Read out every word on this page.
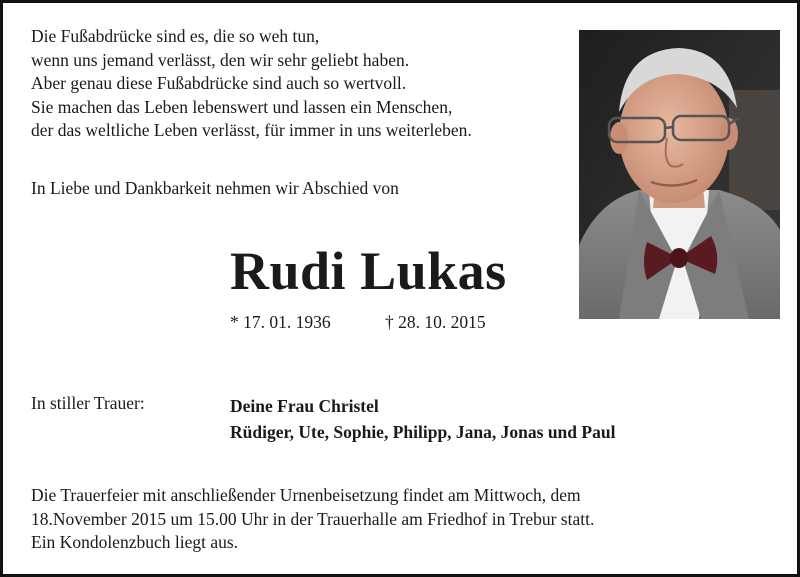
Die Fußabdrücke sind es, die so weh tun,
wenn uns jemand verlässt, den wir sehr geliebt haben.
Aber genau diese Fußabdrücke sind auch so wertvoll.
Sie machen das Leben lebenswert und lassen ein Menschen,
der das weltliche Leben verlässt, für immer in uns weiterleben.
In Liebe und Dankbarkeit nehmen wir Abschied von
Rudi Lukas
* 17. 01. 1936	† 28. 10. 2015
In stiller Trauer:	Deine Frau Christel
Rüdiger, Ute, Sophie, Philipp, Jana, Jonas und Paul
Die Trauerfeier mit anschließender Urnenbeisetzung findet am Mittwoch, dem
18.November 2015 um 15.00 Uhr in der Trauerhalle am Friedhof in Trebur statt.
Ein Kondolenzbuch liegt aus.
